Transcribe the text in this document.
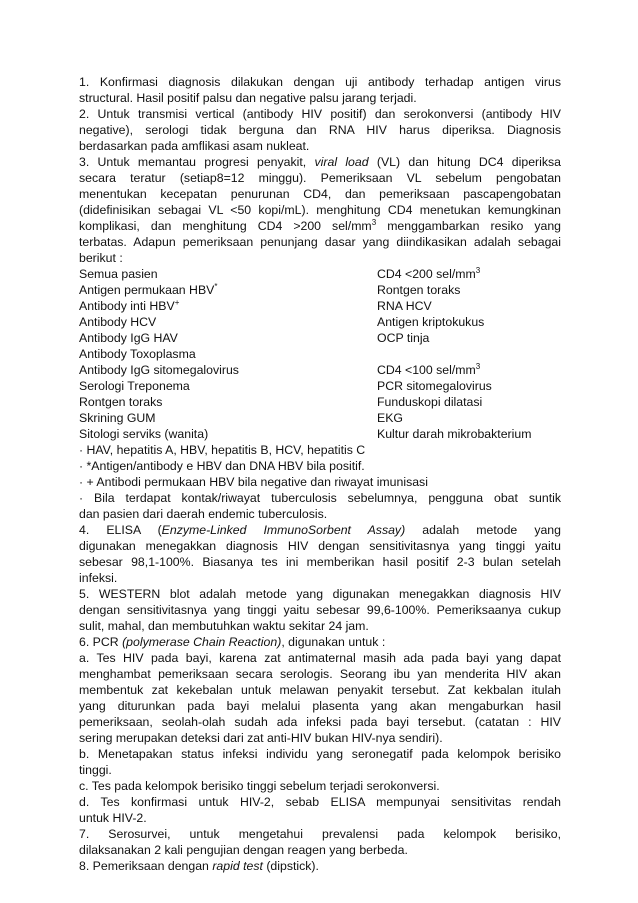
1. Konfirmasi diagnosis dilakukan dengan uji antibody terhadap antigen virus

structural. Hasil positif palsu dan negative palsu jarang terjadi.

2. Untuk transmisi vertical (antibody HIV positif) dan serokonversi (antibody HIV

negative), serologi tidak berguna dan RNA HIV harus diperiksa. Diagnosis

berdasarkan pada amflikasi asam nukleat.

3. Untuk memantau progresi penyakit, viral load (VL) dan hitung DC4 diperiksa

secara teratur (setiap8=12 minggu). Pemeriksaan VL sebelum pengobatan

menentukan kecepatan penurunan CD4, dan pemeriksaan pascapengobatan

(didefinisikan sebagai VL <50 kopi/mL). menghitung CD4 menetukan kemungkinan

komplikasi, dan menghitung CD4 >200 sel/$mm^3$ menggambarkan resiko yang

terbatas. Adapun pemeriksaan penunjang dasar yang diindikasikan adalah sebagai

berikut :

Semua pasien	CD4 <200 sel/$mm^3$

Antigen permukaan HBV*	Rontgen toraks

Antibody inti HBV+	RNA HCV

Antibody HCV	Antigen kriptokukus

Antibody IgG HAV	OCP tinja

Antibody Toxoplasma

Antibody IgG sitomegalovirus	CD4 <100 sel/$mm^3$

Serologi Treponema	PCR sitomegalovirus

Rontgen toraks	Funduskopi dilatasi

Skrining GUM	EKG

Sitologi serviks (wanita)	Kultur darah mikrobakterium

· HAV, hepatitis A, HBV, hepatitis B, HCV, hepatitis C

· *Antigen/antibody e HBV dan DNA HBV bila positif.

· + Antibodi permukaan HBV bila negative dan riwayat imunisasi

· Bila terdapat kontak/riwayat tuberculosis sebelumnya, pengguna obat suntik

dan pasien dari daerah endemic tuberculosis.

4. ELISA (Enzyme-Linked ImmunoSorbent Assay) adalah metode yang

digunakan menegakkan diagnosis HIV dengan sensitivitasnya yang tinggi yaitu

sebesar 98,1-100%. Biasanya tes ini memberikan hasil positif 2-3 bulan setelah

infeksi.

5. WESTERN blot adalah metode yang digunakan menegakkan diagnosis HIV

dengan sensitivitasnya yang tinggi yaitu sebesar 99,6-100%. Pemeriksaanya cukup

sulit, mahal, dan membutuhkan waktu sekitar 24 jam.

6. PCR (polymerase Chain Reaction), digunakan untuk :

a. Tes HIV pada bayi, karena zat antimaternal masih ada pada bayi yang dapat

menghambat pemeriksaan secara serologis. Seorang ibu yan menderita HIV akan

membentuk zat kekebalan untuk melawan penyakit tersebut. Zat kekbalan itulah

yang diturunkan pada bayi melalui plasenta yang akan mengaburkan hasil

pemeriksaan, seolah-olah sudah ada infeksi pada bayi tersebut. (catatan : HIV

sering merupakan deteksi dari zat anti-HIV bukan HIV-nya sendiri).

b. Menetapakan status infeksi individu yang seronegatif pada kelompok berisiko

tinggi.

c. Tes pada kelompok berisiko tinggi sebelum terjadi serokonversi.

d. Tes konfirmasi untuk HIV-2, sebab ELISA mempunyai sensitivitas rendah

untuk HIV-2.

7. Serosurvei, untuk mengetahui prevalensi pada kelompok berisiko,

dilaksanakan 2 kali pengujian dengan reagen yang berbeda.

8. Pemeriksaan dengan rapid test (dipstick).
